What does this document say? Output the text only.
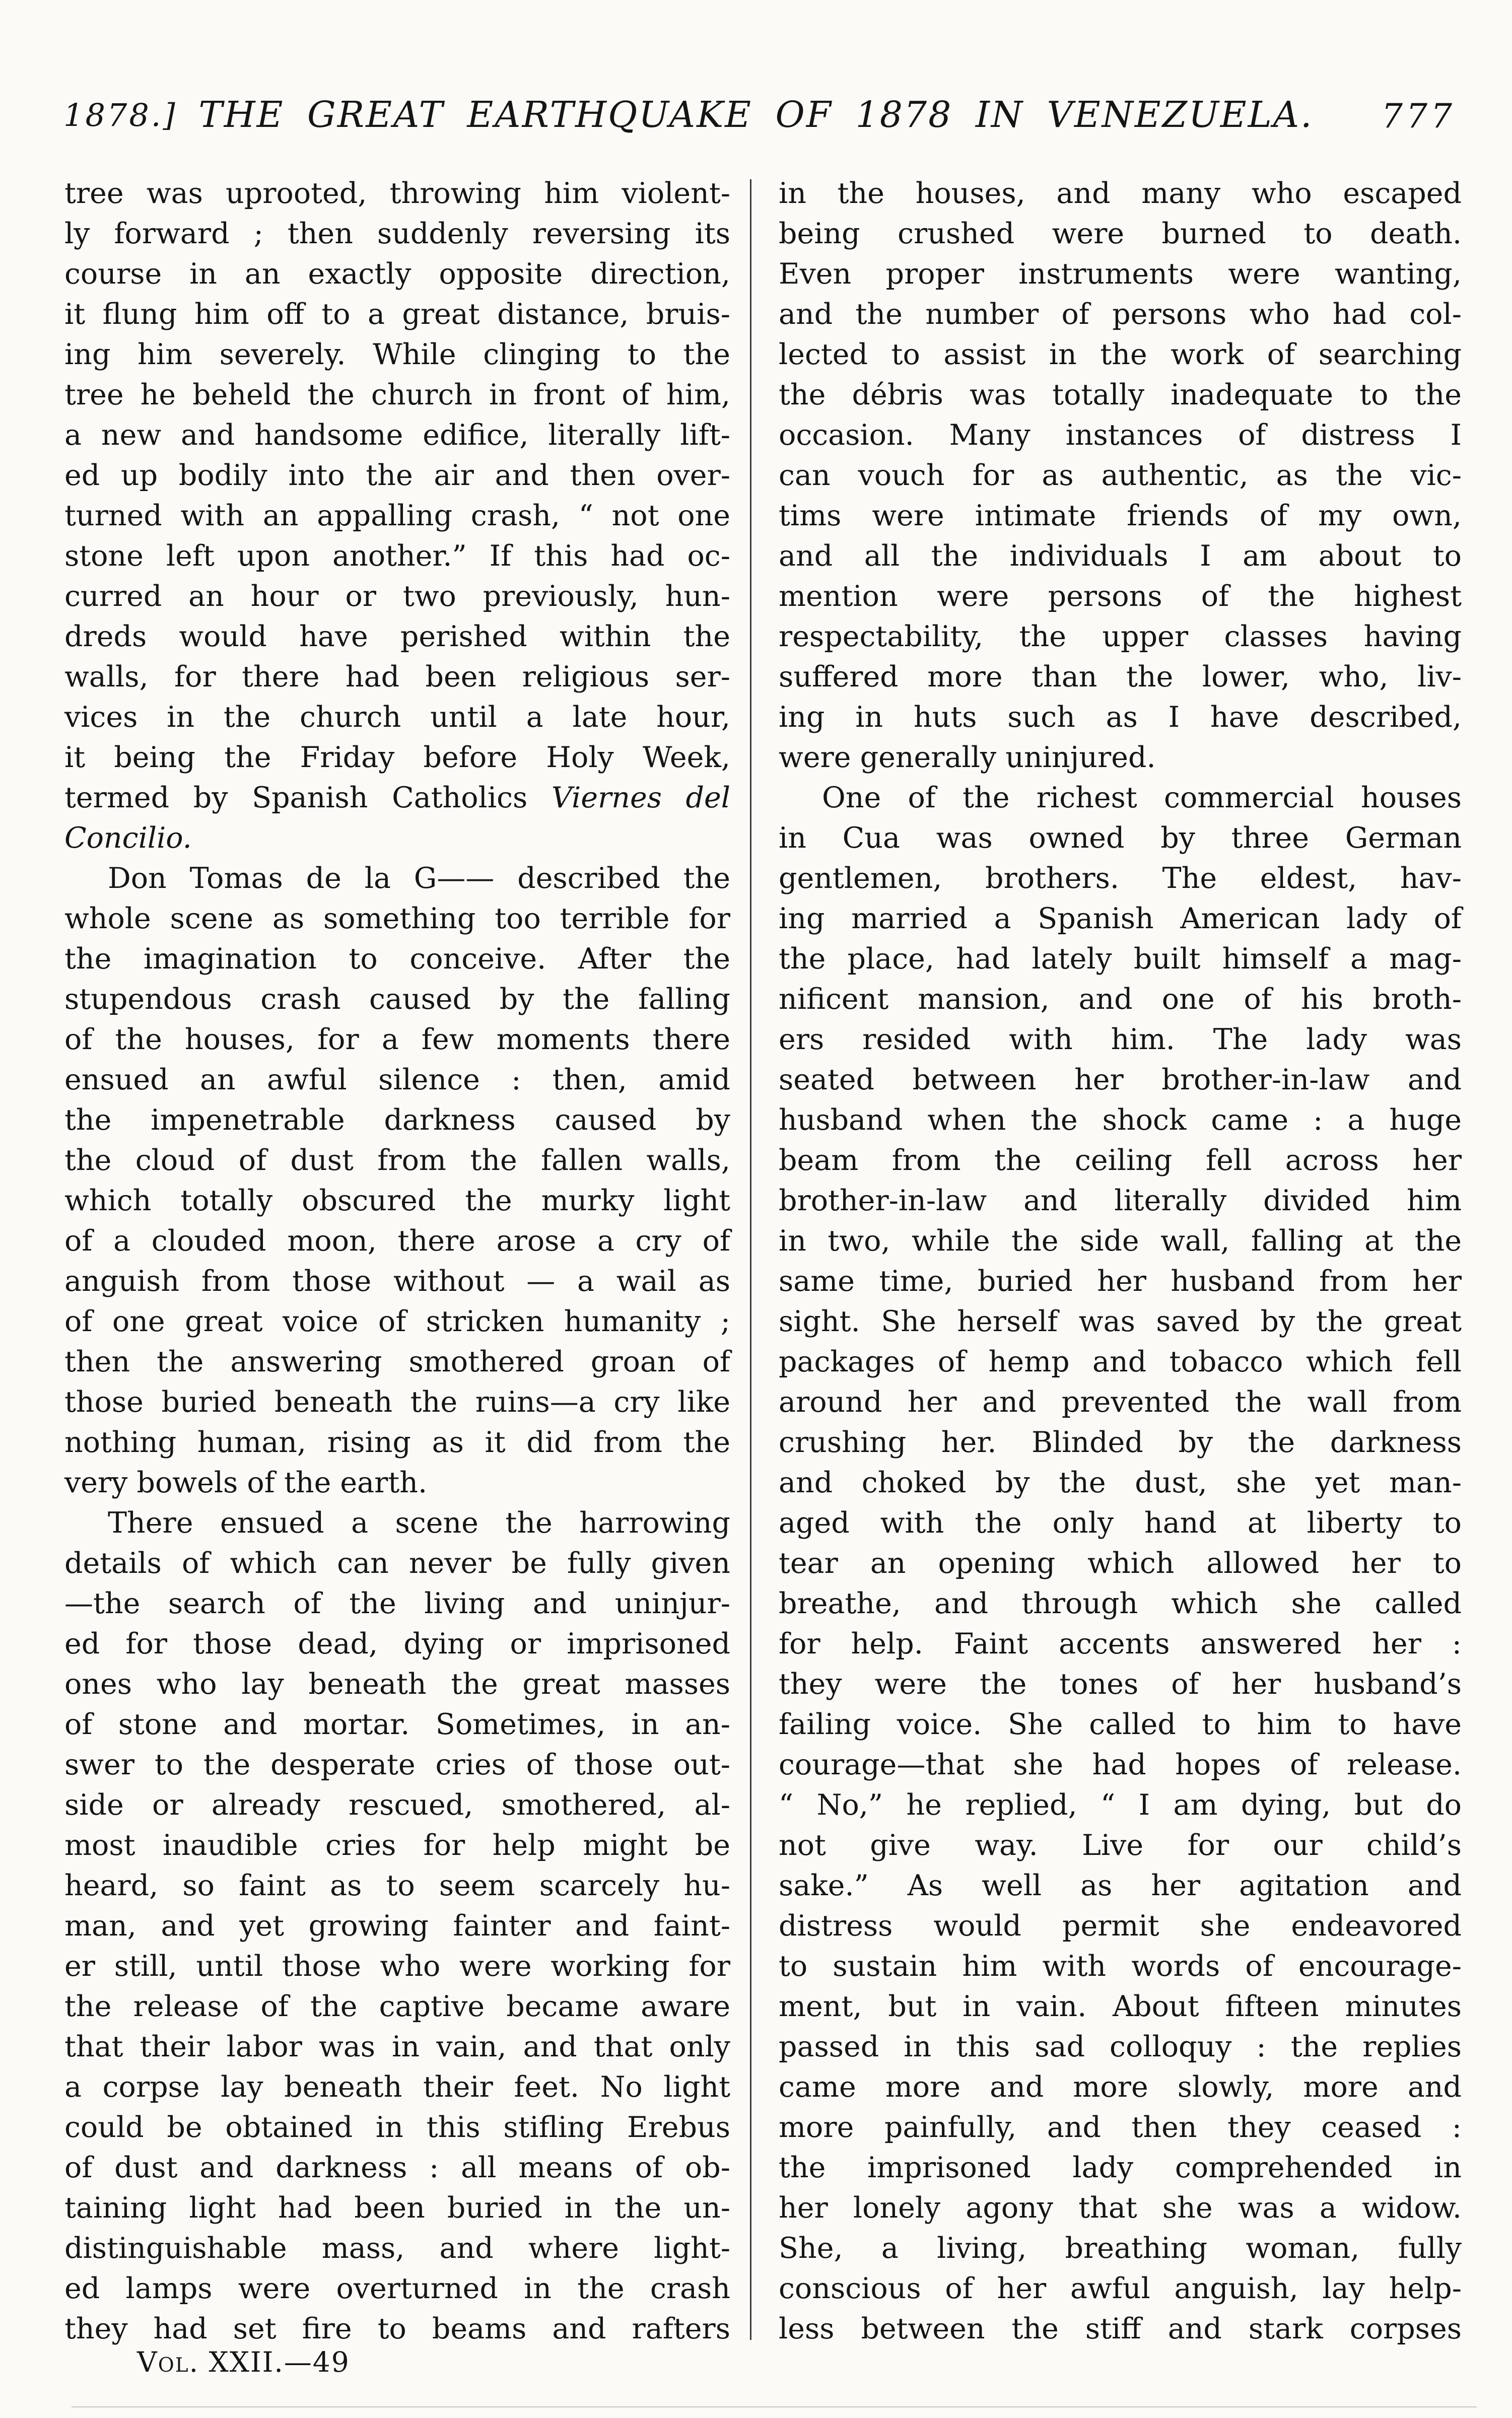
1878.] THE GREAT EARTHQUAKE OF 1878 IN VENEZUELA.	777
tree was uprooted, throwing him violent-
ly forward ; then suddenly reversing its
course in an exactly opposite direction,
it flung him off to a great distance, bruis-
ing him severely. While clinging to the
tree he beheld the church in front of him,
a new and handsome edifice, literally lift-
ed up bodily into the air and then over-
turned with an appalling crash, “ not one
stone left upon another.” If this had oc-
curred an hour or two previously, hun-
dreds would have perished within the
walls, for there had been religious ser-
vices in the church until a late hour,
it being the Friday before Holy Week,
termed by Spanish Catholics Viernes del
Concilio.
Don Tomas de la G—— described the
whole scene as something too terrible for
the imagination to conceive. After the
stupendous crash caused by the falling
of the houses, for a few moments there
ensued an awful silence : then, amid
the impenetrable darkness caused by
the cloud of dust from the fallen walls,
which totally obscured the murky light
of a clouded moon, there arose a cry of
anguish from those without — a wail as
of one great voice of stricken humanity ;
then the answering smothered groan of
those buried beneath the ruins—a cry like
nothing human, rising as it did from the
very bowels of the earth.
There ensued a scene the harrowing
details of which can never be fully given
—the search of the living and uninjur-
ed for those dead, dying or imprisoned
ones who lay beneath the great masses
of stone and mortar. Sometimes, in an-
swer to the desperate cries of those out-
side or already rescued, smothered, al-
most inaudible cries for help might be
heard, so faint as to seem scarcely hu-
man, and yet growing fainter and faint-
er still, until those who were working for
the release of the captive became aware
that their labor was in vain, and that only
a corpse lay beneath their feet. No light
could be obtained in this stifling Erebus
of dust and darkness : all means of ob-
taining light had been buried in the un-
distinguishable mass, and where light-
ed lamps were overturned in the crash
they had set fire to beams and rafters
in the houses, and many who escaped
being crushed were burned to death.
Even proper instruments were wanting,
and the number of persons who had col-
lected to assist in the work of searching
the débris was totally inadequate to the
occasion. Many instances of distress I
can vouch for as authentic, as the vic-
tims were intimate friends of my own,
and all the individuals I am about to
mention were persons of the highest
respectability, the upper classes having
suffered more than the lower, who, liv-
ing in huts such as I have described,
were generally uninjured.
One of the richest commercial houses
in Cua was owned by three German
gentlemen, brothers. The eldest, hav-
ing married a Spanish American lady of
the place, had lately built himself a mag-
nificent mansion, and one of his broth-
ers resided with him. The lady was
seated between her brother-in-law and
husband when the shock came : a huge
beam from the ceiling fell across her
brother-in-law and literally divided him
in two, while the side wall, falling at the
same time, buried her husband from her
sight. She herself was saved by the great
packages of hemp and tobacco which fell
around her and prevented the wall from
crushing her. Blinded by the darkness
and choked by the dust, she yet man-
aged with the only hand at liberty to
tear an opening which allowed her to
breathe, and through which she called
for help. Faint accents answered her :
they were the tones of her husband’s
failing voice. She called to him to have
courage—that she had hopes of release.
“ No,” he replied, “ I am dying, but do
not give way. Live for our child’s
sake.” As well as her agitation and
distress would permit she endeavored
to sustain him with words of encourage-
ment, but in vain. About fifteen minutes
passed in this sad colloquy : the replies
came more and more slowly, more and
more painfully, and then they ceased :
the imprisoned lady comprehended in
her lonely agony that she was a widow.
She, a living, breathing woman, fully
conscious of her awful anguish, lay help-
less between the stiff and stark corpses
Vol. XXII.—49
